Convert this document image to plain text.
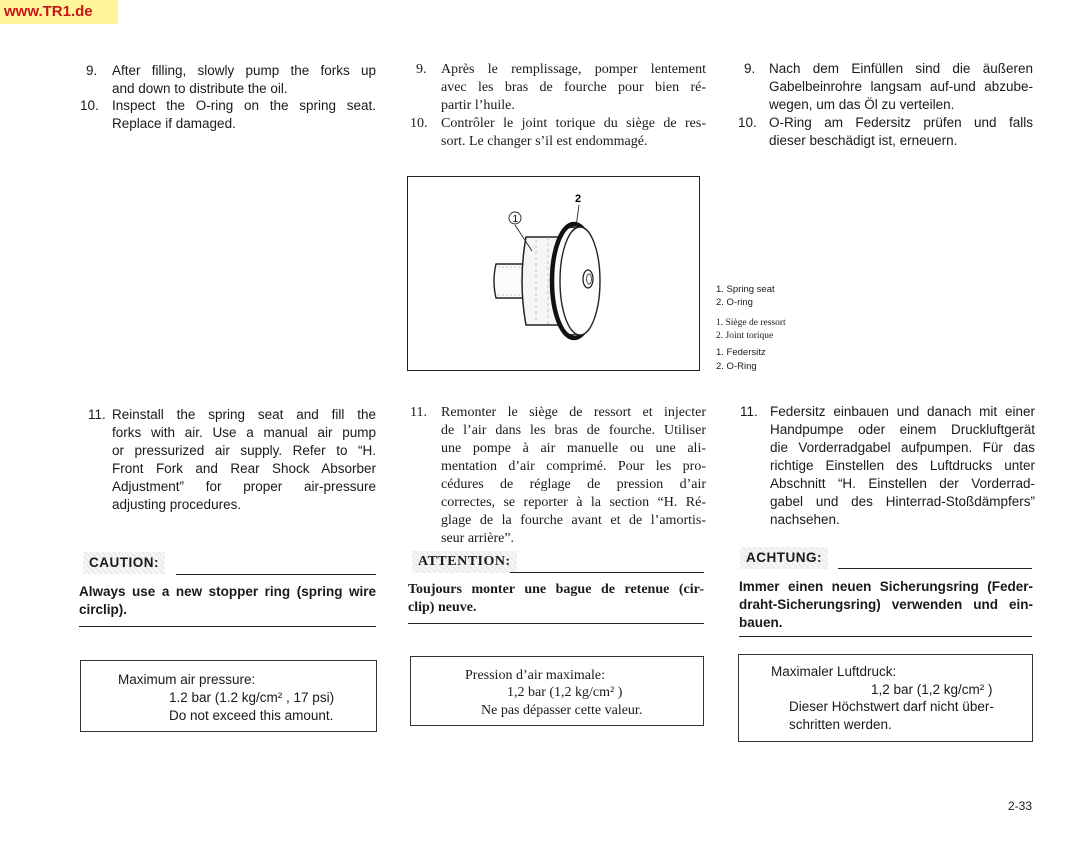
www.TR1.de
9. After filling, slowly pump the forks up
and down to distribute the oil.
10. Inspect the O-ring on the spring seat.
Replace if damaged.
11. Reinstall the spring seat and fill the
forks with air. Use a manual air pump
or pressurized air supply. Refer to “H.
Front Fork and Rear Shock Absorber
Adjustment” for proper air-pressure
adjusting procedures.
CAUTION:
Always use a new stopper ring (spring wire
circlip).
Maximum air pressure:
1.2 bar (1.2 kg/cm² , 17 psi)
Do not exceed this amount.
9. Après le remplissage, pomper lentement
avec les bras de fourche pour bien ré-
partir l’huile.
10. Contrôler le joint torique du siège de res-
sort. Le changer s’il est endommagé.
11. Remonter le siège de ressort et injecter
de l’air dans les bras de fourche. Utiliser
une pompe à air manuelle ou une ali-
mentation d’air comprimé. Pour les pro-
cédures de réglage de pression d’air
correctes, se reporter à la section “H. Ré-
glage de la fourche avant et de l’amortis-
seur arrière”.
ATTENTION:
Toujours monter une bague de retenue (cir-
clip) neuve.
Pression d’air maximale:
1,2 bar (1,2 kg/cm² )
Ne pas dépasser cette valeur.
9. Nach dem Einfüllen sind die äußeren
Gabelbeinrohre langsam auf-und abzube-
wegen, um das Öl zu verteilen.
10. O-Ring am Federsitz prüfen und falls
dieser beschädigt ist, erneuern.
11. Federsitz einbauen und danach mit einer
Handpumpe oder einem Druckluftgerät
die Vorderradgabel aufpumpen. Für das
richtige Einstellen des Luftdrucks unter
Abschnitt “H. Einstellen der Vorderrad-
gabel und des Hinterrad-Stoßdämpfers”
nachsehen.
ACHTUNG:
Immer einen neuen Sicherungsring (Feder-
draht-Sicherungsring) verwenden und ein-
bauen.
Maximaler Luftdruck:
1,2 bar (1,2 kg/cm² )
Dieser Höchstwert darf nicht über-
schritten werden.
1
2
1. Spring seat
2. O-ring
1. Siège de ressort
2. Joint torique
1. Federsitz
2. O-Ring
2-33
